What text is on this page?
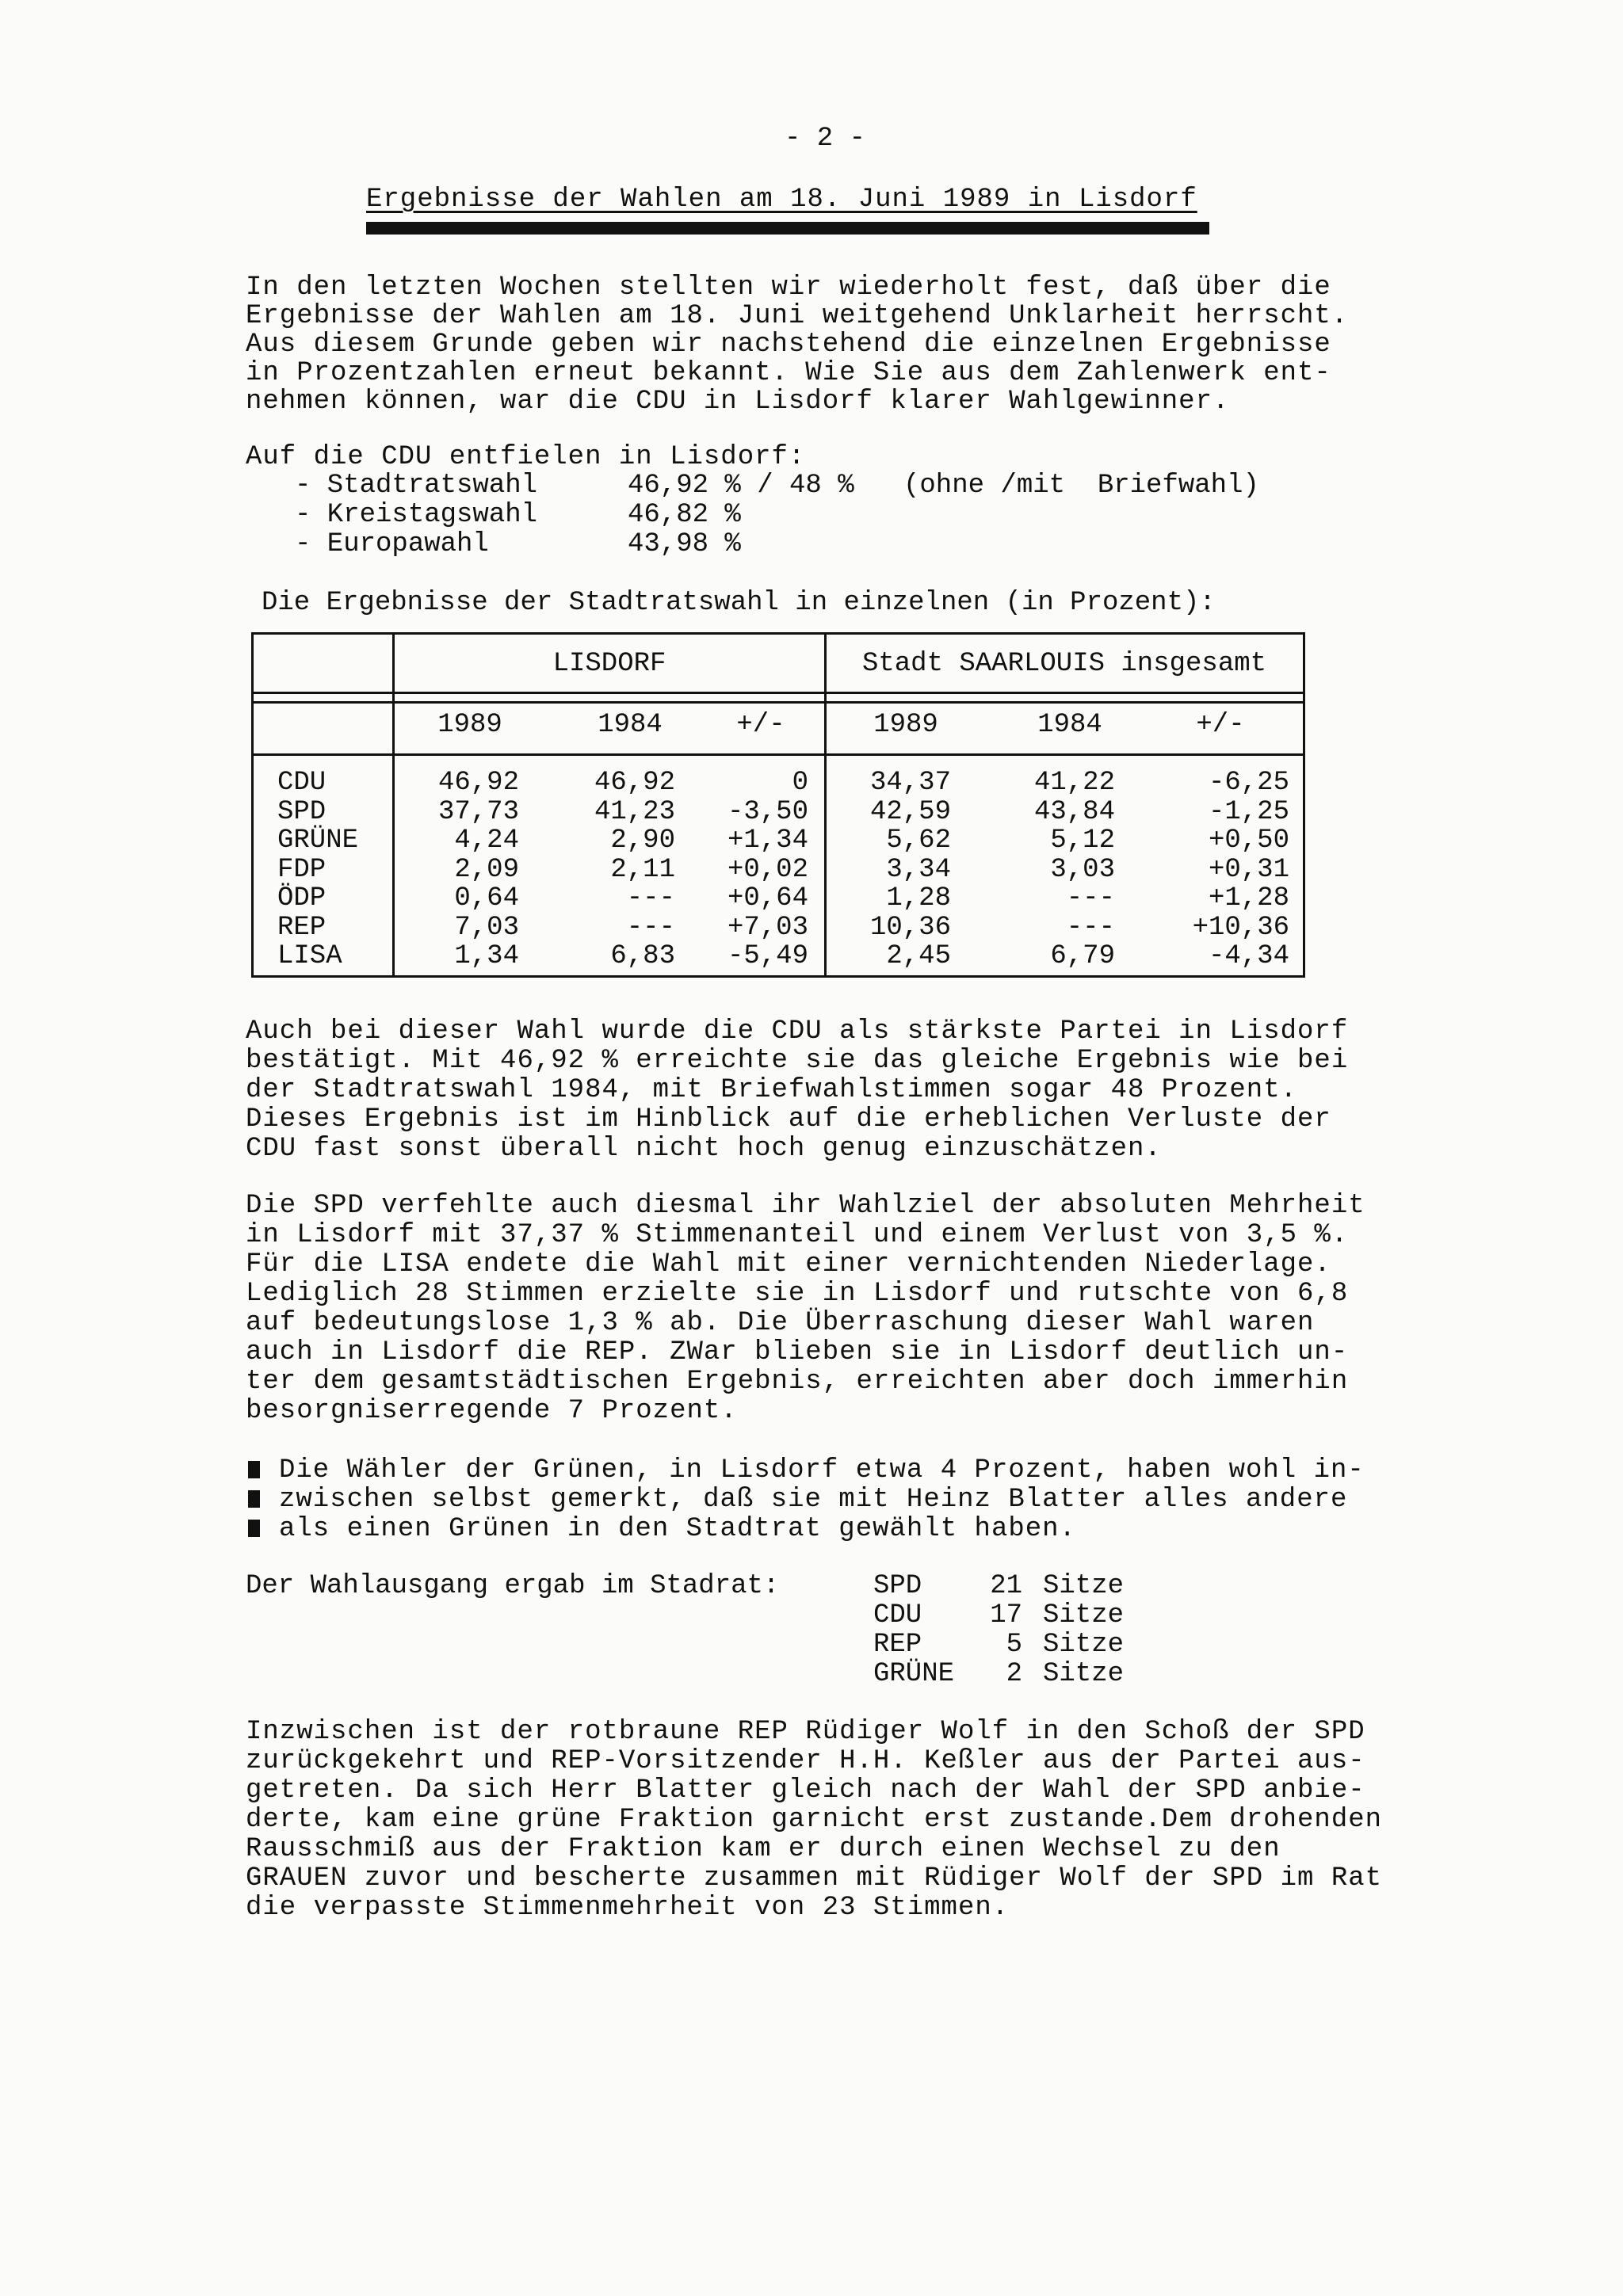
- 2 -
Ergebnisse der Wahlen am 18. Juni 1989 in Lisdorf
In den letzten Wochen stellten wir wiederholt fest, daß über die
Ergebnisse der Wahlen am 18. Juni weitgehend Unklarheit herrscht.
Aus diesem Grunde geben wir nachstehend die einzelnen Ergebnisse
in Prozentzahlen erneut bekannt. Wie Sie aus dem Zahlenwerk ent-
nehmen können, war die CDU in Lisdorf klarer Wahlgewinner.
Auf die CDU entfielen in Lisdorf:
- Stadtratswahl	46,92 % / 48 % (ohne /mit  Briefwahl)
- Kreistagswahl	46,82 %
- Europawahl	43,98 %
Die Ergebnisse der Stadtratswahl in einzelnen (in Prozent):
LISDORF	Stadt SAARLOUIS insgesamt
1989	1984	+/-	1989	1984	+/-
CDU	46,92	46,92	0	34,37	41,22	-6,25
SPD	37,73	41,23	-3,50	42,59	43,84	-1,25
GRÜNE	4,24	2,90	+1,34	5,62	5,12	+0,50
FDP	2,09	2,11	+0,02	3,34	3,03	+0,31
ÖDP	0,64	---	+0,64	1,28	---	+1,28
REP	7,03	---	+7,03	10,36	---	+10,36
LISA	1,34	6,83	-5,49	2,45	6,79	-4,34
Auch bei dieser Wahl wurde die CDU als stärkste Partei in Lisdorf
bestätigt. Mit 46,92 % erreichte sie das gleiche Ergebnis wie bei
der Stadtratswahl 1984, mit Briefwahlstimmen sogar 48 Prozent.
Dieses Ergebnis ist im Hinblick auf die erheblichen Verluste der
CDU fast sonst überall nicht hoch genug einzuschätzen.
Die SPD verfehlte auch diesmal ihr Wahlziel der absoluten Mehrheit
in Lisdorf mit 37,37 % Stimmenanteil und einem Verlust von 3,5 %.
Für die LISA endete die Wahl mit einer vernichtenden Niederlage.
Lediglich 28 Stimmen erzielte sie in Lisdorf und rutschte von 6,8
auf bedeutungslose 1,3 % ab. Die Überraschung dieser Wahl waren
auch in Lisdorf die REP. ZWar blieben sie in Lisdorf deutlich un-
ter dem gesamtstädtischen Ergebnis, erreichten aber doch immerhin
besorgniserregende 7 Prozent.
Die Wähler der Grünen, in Lisdorf etwa 4 Prozent, haben wohl in-
zwischen selbst gemerkt, daß sie mit Heinz Blatter alles andere
als einen Grünen in den Stadtrat gewählt haben.
Der Wahlausgang ergab im Stadrat:	SPD	21 Sitze
CDU	17 Sitze
REP	5 Sitze
GRÜNE	2 Sitze
Inzwischen ist der rotbraune REP Rüdiger Wolf in den Schoß der SPD
zurückgekehrt und REP-Vorsitzender H.H. Keßler aus der Partei aus-
getreten. Da sich Herr Blatter gleich nach der Wahl der SPD anbie-
derte, kam eine grüne Fraktion garnicht erst zustande.Dem drohenden
Rausschmiß aus der Fraktion kam er durch einen Wechsel zu den
GRAUEN zuvor und bescherte zusammen mit Rüdiger Wolf der SPD im Rat
die verpasste Stimmenmehrheit von 23 Stimmen.
